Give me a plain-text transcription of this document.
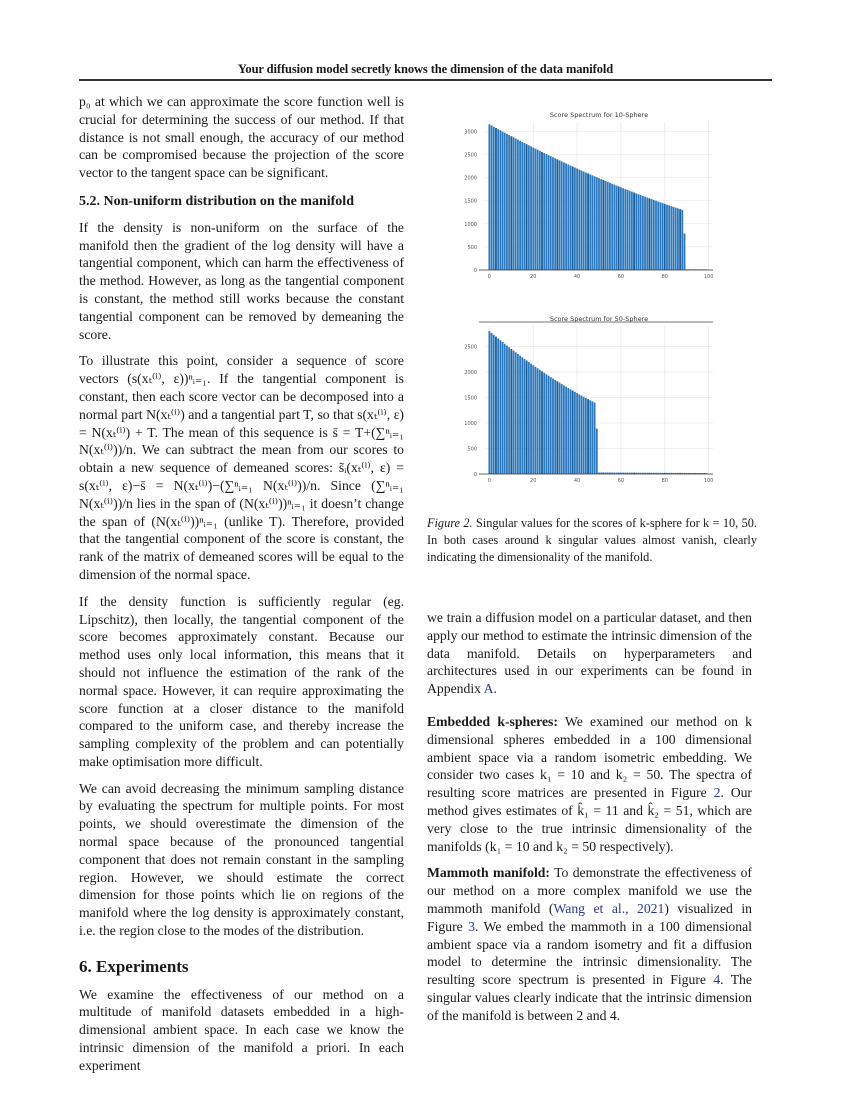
Your diffusion model secretly knows the dimension of the data manifold

p₀ at which we can approximate the score function well is crucial for determining the success of our method. If that distance is not small enough, the accuracy of our method can be compromised because the projection of the score vector to the tangent space can be significant.

5.2. Non-uniform distribution on the manifold

If the density is non-uniform on the surface of the manifold then the gradient of the log density will have a tangential component, which can harm the effectiveness of the method. However, as long as the tangential component is constant, the method still works because the constant tangential component can be removed by demeaning the score.

To illustrate this point, consider a sequence of score vectors (s(xₜ⁽ⁱ⁾, ε))ⁿᵢ₌₁. If the tangential component is constant, then each score vector can be decomposed into a normal part N(xₜ⁽ⁱ⁾) and a tangential part T, so that s(xₜ⁽ⁱ⁾, ε) = N(xₜ⁽ⁱ⁾) + T. The mean of this sequence is s̄ = T+(∑ⁿᵢ₌₁ N(xₜ⁽ⁱ⁾))/n. We can subtract the mean from our scores to obtain a new sequence of demeaned scores: s̃ᵢ(xₜ⁽ⁱ⁾, ε) = s(xₜ⁽ⁱ⁾, ε)−s̄ = N(xₜ⁽ⁱ⁾)−(∑ⁿᵢ₌₁ N(xₜ⁽ⁱ⁾))/n. Since (∑ⁿᵢ₌₁ N(xₜ⁽ⁱ⁾))/n lies in the span of (N(xₜ⁽ⁱ⁾))ⁿᵢ₌₁ it doesn’t change the span of (N(xₜ⁽ⁱ⁾))ⁿᵢ₌₁ (unlike T). Therefore, provided that the tangential component of the score is constant, the rank of the matrix of demeaned scores will be equal to the dimension of the normal space.

If the density function is sufficiently regular (eg. Lipschitz), then locally, the tangential component of the score becomes approximately constant. Because our method uses only local information, this means that it should not influence the estimation of the rank of the normal space. However, it can require approximating the score function at a closer distance to the manifold compared to the uniform case, and thereby increase the sampling complexity of the problem and can potentially make optimisation more difficult.

We can avoid decreasing the minimum sampling distance by evaluating the spectrum for multiple points. For most points, we should overestimate the dimension of the normal space because of the pronounced tangential component that does not remain constant in the sampling region. However, we should estimate the correct dimension for those points which lie on regions of the manifold where the log density is approximately constant, i.e. the region close to the modes of the distribution.

6. Experiments

We examine the effectiveness of our method on a multitude of manifold datasets embedded in a high-dimensional ambient space. In each case we know the intrinsic dimension of the manifold a priori. In each experiment

Score Spectrum for 10-Sphere
0
500
1000
1500
2000
2500
3000
0	20	40	60	80	100
Score Spectrum for 50-Sphere
0
500
1000
1500
2000
2500
0	20	40	60	80	100
Figure 2. Singular values for the scores of k-sphere for k = 10, 50. In both cases around k singular values almost vanish, clearly indicating the dimensionality of the manifold.

we train a diffusion model on a particular dataset, and then apply our method to estimate the intrinsic dimension of the data manifold. Details on hyperparameters and architectures used in our experiments can be found in Appendix A.

Embedded k-spheres: We examined our method on k dimensional spheres embedded in a 100 dimensional ambient space via a random isometric embedding. We consider two cases k₁ = 10 and k₂ = 50. The spectra of resulting score matrices are presented in Figure 2. Our method gives estimates of k̂₁ = 11 and k̂₂ = 51, which are very close to the true intrinsic dimensionality of the manifolds (k₁ = 10 and k₂ = 50 respectively).

Mammoth manifold: To demonstrate the effectiveness of our method on a more complex manifold we use the mammoth manifold (Wang et al., 2021) visualized in Figure 3. We embed the mammoth in a 100 dimensional ambient space via a random isometry and fit a diffusion model to determine the intrinsic dimensionality. The resulting score spectrum is presented in Figure 4. The singular values clearly indicate that the intrinsic dimension of the manifold is between 2 and 4.
